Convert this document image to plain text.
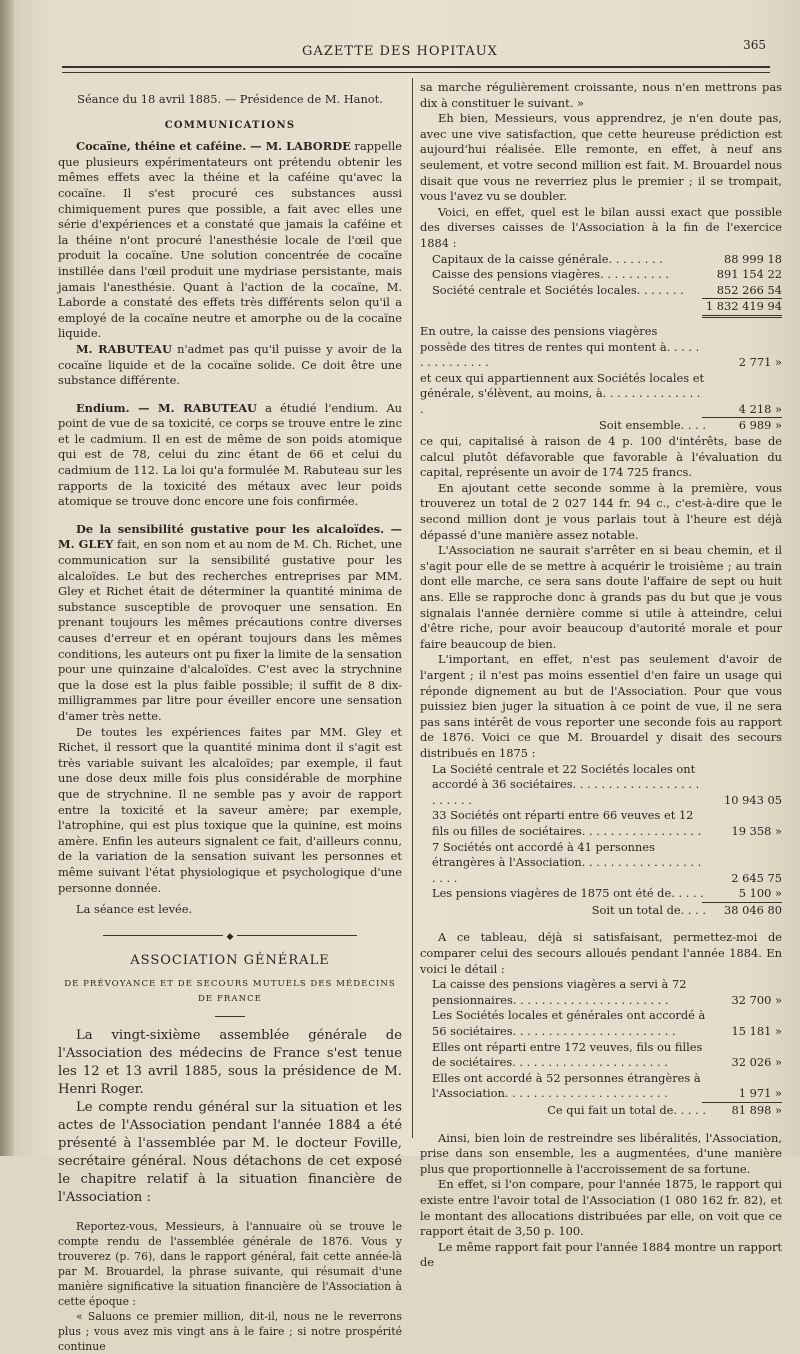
GAZETTE DES HOPITAUX	365

Séance du 18 avril 1885. — Présidence de M. Hanot.

COMMUNICATIONS

Cocaïne, théine et caféine. — M. LABORDE rappelle que plusieurs expérimentateurs ont prétendu obtenir les mêmes effets avec la théine et la caféine qu'avec la cocaïne. Il s'est procuré ces substances aussi chimiquement pures que possible, a fait avec elles une série d'expériences et a constaté que jamais la caféine et la théine n'ont procuré l'anesthésie locale de l'œil que produit la cocaïne. Une solution concentrée de cocaïne instillée dans l'œil produit une mydriase persistante, mais jamais l'anesthésie. Quant à l'action de la cocaïne, M. Laborde a constaté des effets très différents selon qu'il a employé de la cocaïne neutre et amorphe ou de la cocaïne liquide.

M. RABUTEAU n'admet pas qu'il puisse y avoir de la cocaïne liquide et de la cocaïne solide. Ce doit être une substance différente.

Endium. — M. RABUTEAU a étudié l'endium. Au point de vue de sa toxicité, ce corps se trouve entre le zinc et le cadmium. Il en est de même de son poids atomique qui est de 78, celui du zinc étant de 66 et celui du cadmium de 112. La loi qu'a formulée M. Rabuteau sur les rapports de la toxicité des métaux avec leur poids atomique se trouve donc encore une fois confirmée.

De la sensibilité gustative pour les alcaloïdes. — M. GLEY fait, en son nom et au nom de M. Ch. Richet, une communication sur la sensibilité gustative pour les alcaloïdes. Le but des recherches entreprises par MM. Gley et Richet était de déterminer la quantité minima de substance susceptible de provoquer une sensation. En prenant toujours les mêmes précautions contre diverses causes d'erreur et en opérant toujours dans les mêmes conditions, les auteurs ont pu fixer la limite de la sensation pour une quinzaine d'alcaloïdes. C'est avec la strychnine que la dose est la plus faible possible; il suffit de 8 dix-milligrammes par litre pour éveiller encore une sensation d'amer très nette.

De toutes les expériences faites par MM. Gley et Richet, il ressort que la quantité minima dont il s'agit est très variable suivant les alcaloïdes; par exemple, il faut une dose deux mille fois plus considérable de morphine que de strychnine. Il ne semble pas y avoir de rapport entre la toxicité et la saveur amère; par exemple, l'atrophine, qui est plus toxique que la quinine, est moins amère. Enfin les auteurs signalent ce fait, d'ailleurs connu, de la variation de la sensation suivant les personnes et même suivant l'état physiologique et psychologique d'une personne donnée.

La séance est levée.

◆
ASSOCIATION GÉNÉRALE
DE PRÉVOYANCE ET DE SECOURS MUTUELS DES MÉDECINS DE FRANCE

La vingt-sixième assemblée générale de l'Association des médecins de France s'est tenue les 12 et 13 avril 1885, sous la présidence de M. Henri Roger.

Le compte rendu général sur la situation et les actes de l'Association pendant l'année 1884 a été présenté à l'assemblée par M. le docteur Foville, secrétaire général. Nous détachons de cet exposé le chapitre relatif à la situation financière de l'Association :

Reportez-vous, Messieurs, à l'annuaire où se trouve le compte rendu de l'assemblée générale de 1876. Vous y trouverez (p. 76), dans le rapport général, fait cette année-là par M. Brouardel, la phrase suivante, qui résumait d'une manière significative la situation financière de l'Association à cette époque :

« Saluons ce premier million, dit-il, nous ne le reverrons plus ; vous avez mis vingt ans à le faire ; si notre prospérité continue

sa marche régulièrement croissante, nous n'en mettrons pas dix à constituer le suivant. »

Eh bien, Messieurs, vous apprendrez, je n'en doute pas, avec une vive satisfaction, que cette heureuse prédiction est aujourd'hui réalisée. Elle remonte, en effet, à neuf ans seulement, et votre second million est fait. M. Brouardel nous disait que vous ne reverriez plus le premier ; il se trompait, vous l'avez vu se doubler.

Voici, en effet, quel est le bilan aussi exact que possible des diverses caisses de l'Association à la fin de l'exercice 1884 :

Capitaux de la caisse générale. . . . . . . .	88 999 18
Caisse des pensions viagères. . . . . . . . . .	891 154 22
Société centrale et Sociétés locales. . . . . . .	852 266 54
1 832 419 94
En outre, la caisse des pensions viagères possède des titres de rentes qui montent à. . . . . . . . . . . . . . .	2 771 »
et ceux qui appartiennent aux Sociétés locales et générale, s'élèvent, au moins, à. . . . . . . . . . . . . . .	4 218 »
Soit ensemble. . . .	6 989 »

ce qui, capitalisé à raison de 4 p. 100 d'intérêts, base de calcul plutôt défavorable que favorable à l'évaluation du capital, représente un avoir de 174 725 francs.

En ajoutant cette seconde somme à la première, vous trouverez un total de 2 027 144 fr. 94 c., c'est-à-dire que le second million dont je vous parlais tout à l'heure est déjà dépassé d'une manière assez notable.

L'Association ne saurait s'arrêter en si beau chemin, et il s'agit pour elle de se mettre à acquérir le troisième ; au train dont elle marche, ce sera sans doute l'affaire de sept ou huit ans. Elle se rapproche donc à grands pas du but que je vous signalais l'année dernière comme si utile à atteindre, celui d'être riche, pour avoir beaucoup d'autorité morale et pour faire beaucoup de bien.

L'important, en effet, n'est pas seulement d'avoir de l'argent ; il n'est pas moins essentiel d'en faire un usage qui réponde dignement au but de l'Association. Pour que vous puissiez bien juger la situation à ce point de vue, il ne sera pas sans intérêt de vous reporter une seconde fois au rapport de 1876. Voici ce que M. Brouardel y disait des secours distribués en 1875 :

La Société centrale et 22 Sociétés locales ont accordé à 36 sociétaires. . . . . . . . . . . . . . . . . . . . . . . .	10 943 05
33 Sociétés ont réparti entre 66 veuves et 12 fils ou filles de sociétaires. . . . . . . . . . . . . . . . .	19 358 »
7 Sociétés ont accordé à 41 personnes étrangères à l'Association. . . . . . . . . . . . . . . . . . . . .	2 645 75
Les pensions viagères de 1875 ont été de. . . . .	5 100 »
Soit un total de. . . .	38 046 80

A ce tableau, déjà si satisfaisant, permettez-moi de comparer celui des secours alloués pendant l'année 1884. En voici le détail :

La caisse des pensions viagères a servi à 72 pensionnaires. . . . . . . . . . . . . . . . . . . . . .	32 700 »
Les Sociétés locales et générales ont accordé à 56 sociétaires. . . . . . . . . . . . . . . . . . . . . . .	15 181 »
Elles ont réparti entre 172 veuves, fils ou filles de sociétaires. . . . . . . . . . . . . . . . . . . . . .	32 026 »
Elles ont accordé à 52 personnes étrangères à l'Association. . . . . . . . . . . . . . . . . . . . . . .	1 971 »
Ce qui fait un total de. . . . .	81 898 »

Ainsi, bien loin de restreindre ses libéralités, l'Association, prise dans son ensemble, les a augmentées, d'une manière plus que proportionnelle à l'accroissement de sa fortune.

En effet, si l'on compare, pour l'année 1875, le rapport qui existe entre l'avoir total de l'Association (1 080 162 fr. 82), et le montant des allocations distribuées par elle, on voit que ce rapport était de 3,50 p. 100.

Le même rapport fait pour l'année 1884 montre un rapport de
